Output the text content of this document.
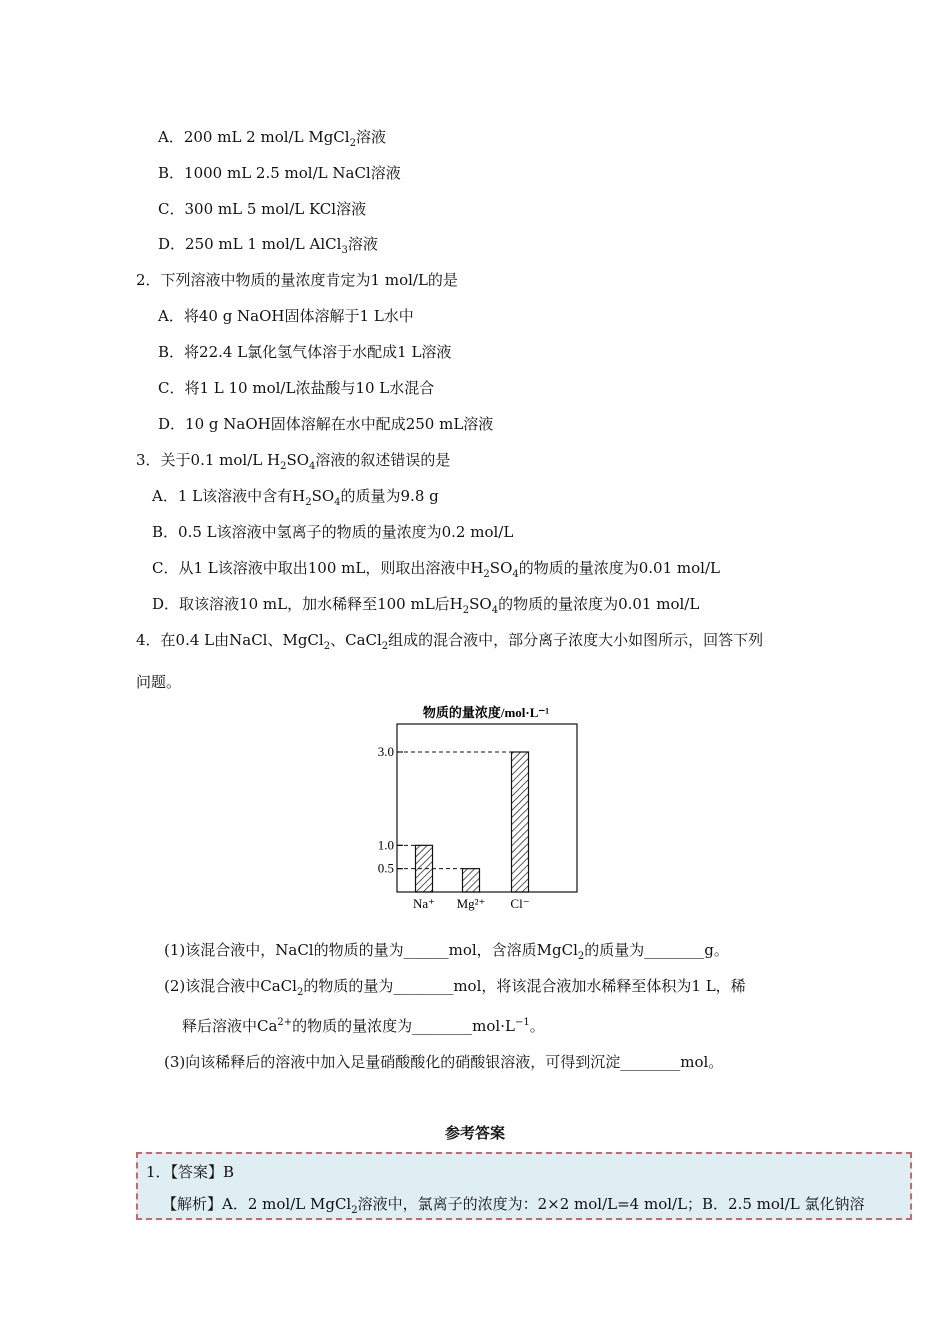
A．200 mL 2 mol/L MgCl$_2$溶液
B．1000 mL 2.5 mol/L NaCl溶液
C．300 mL 5 mol/L KCl溶液
D．250 mL 1 mol/L AlCl$_3$溶液
2．下列溶液中物质的量浓度肯定为1 mol/L的是
A．将40 g NaOH固体溶解于1 L水中
B．将22.4 L氯化氢气体溶于水配成1 L溶液
C．将1 L 10 mol/L浓盐酸与10 L水混合
D．10 g NaOH固体溶解在水中配成250 mL溶液
3．关于0.1 mol/L $H_2SO_4$溶液的叙述错误的是
A．1 L该溶液中含有$H_2SO_4$的质量为9.8 g
B．0.5 L该溶液中氢离子的物质的量浓度为0.2 mol/L
C．从1 L该溶液中取出100 mL，则取出溶液中$H_2SO_4$的物质的量浓度为0.01 mol/L
D．取该溶液10 mL，加水稀释至100 mL后$H_2SO_4$的物质的量浓度为0.01 mol/L
4．在0.4 L由NaCl、MgCl$_2$、CaCl$_2$组成的混合液中，部分离子浓度大小如图所示，回答下列
问题。
物质的量浓度/mol·L⁻¹
3.0
1.0
0.5
Na⁺ Mg²⁺ Cl⁻
(1)该混合液中，NaCl的物质的量为______mol，含溶质MgCl$_2$的质量为________g。
(2)该混合液中CaCl$_2$的物质的量为________mol，将该混合液加水稀释至体积为1 L，稀
释后溶液中$Ca^{2+}$的物质的量浓度为$\_\_\_\_\_\_\_\_mol\cdot L^{-1}$。
(3)向该稀释后的溶液中加入足量硝酸酸化的硝酸银溶液，可得到沉淀________mol。
参考答案
1．【答案】B
【解析】A．2 mol/L MgCl$_2$溶液中，氯离子的浓度为：2×2 mol/L=4 mol/L；B．2.5 mol/L 氯化钠溶
